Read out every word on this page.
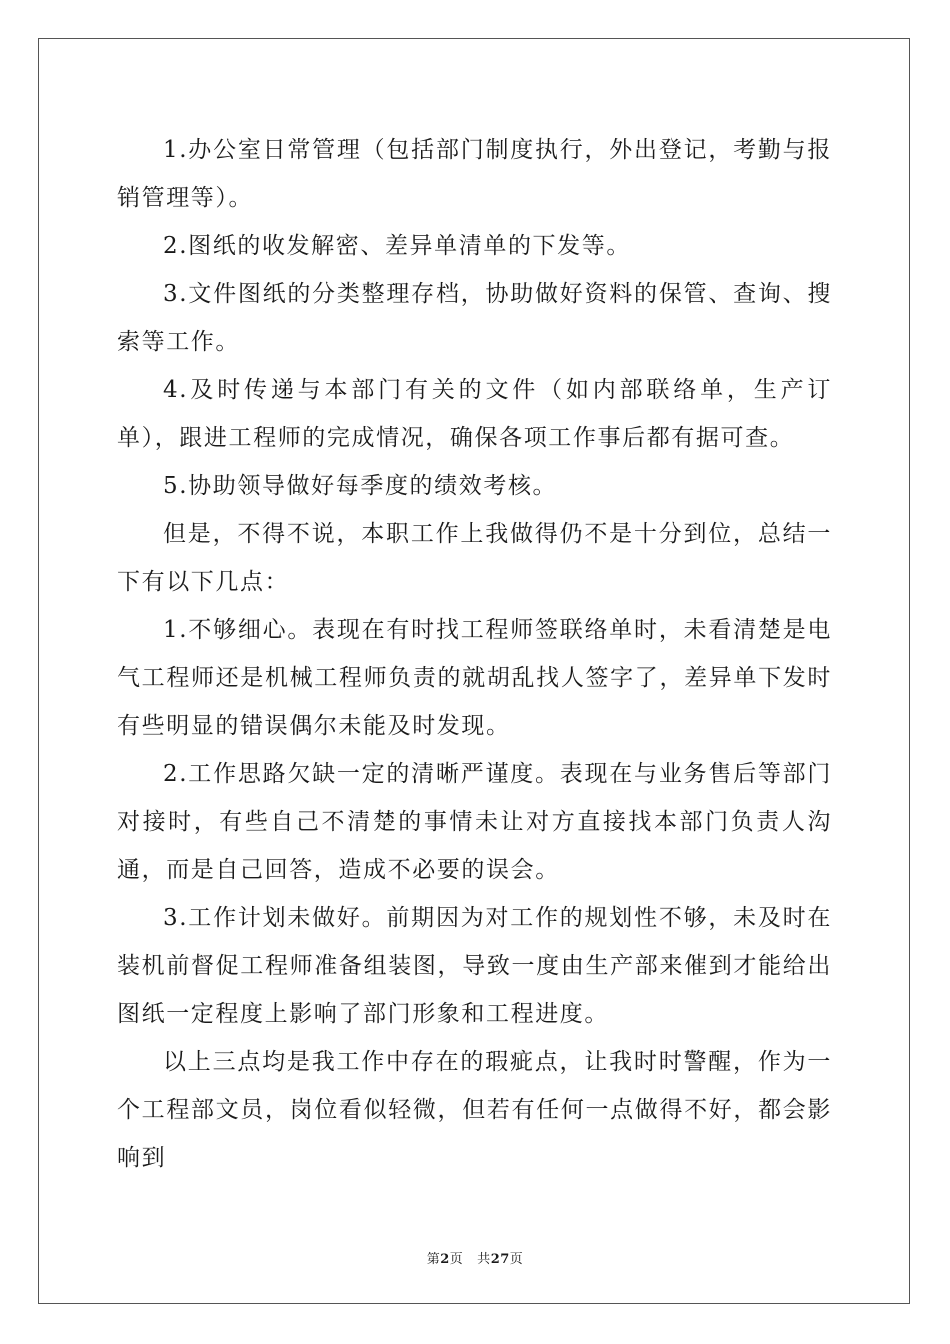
1.办公室日常管理（包括部门制度执行，外出登记，考勤与报销管理等）。

2.图纸的收发解密、差异单清单的下发等。

3.文件图纸的分类整理存档，协助做好资料的保管、查询、搜索等工作。

4.及时传递与本部门有关的文件（如内部联络单，生产订单），跟进工程师的完成情况，确保各项工作事后都有据可查。

5.协助领导做好每季度的绩效考核。

但是，不得不说，本职工作上我做得仍不是十分到位，总结一下有以下几点：

1.不够细心。表现在有时找工程师签联络单时，未看清楚是电气工程师还是机械工程师负责的就胡乱找人签字了，差异单下发时有些明显的错误偶尔未能及时发现。

2.工作思路欠缺一定的清晰严谨度。表现在与业务售后等部门对接时，有些自己不清楚的事情未让对方直接找本部门负责人沟通，而是自己回答，造成不必要的误会。

3.工作计划未做好。前期因为对工作的规划性不够，未及时在装机前督促工程师准备组装图，导致一度由生产部来催到才能给出图纸一定程度上影响了部门形象和工程进度。

以上三点均是我工作中存在的瑕疵点，让我时时警醒，作为一个工程部文员，岗位看似轻微，但若有任何一点做得不好，都会影响到

第2页 共27页
